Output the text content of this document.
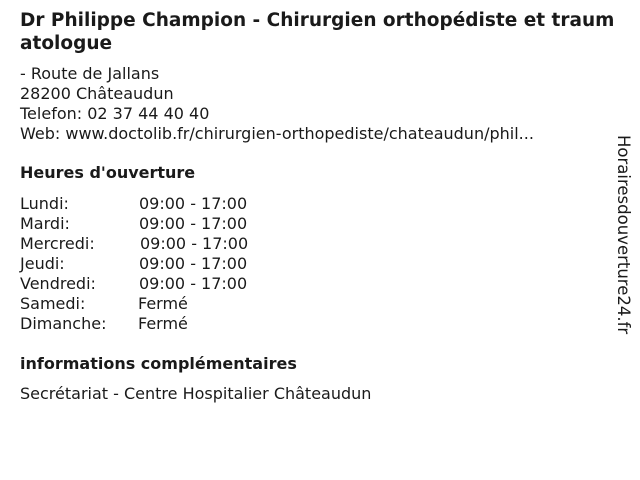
Dr Philippe Champion - Chirurgien orthopédiste et traumatologue
- Route de Jallans
28200 Châteaudun
Telefon: 02 37 44 40 40
Web: www.doctolib.fr/chirurgien-orthopediste/chateaudun/phil...
Heures d'ouverture
Lundi:	09:00 - 17:00
Mardi:	09:00 - 17:00
Mercredi:	09:00 - 17:00
Jeudi:	09:00 - 17:00
Vendredi:	09:00 - 17:00
Samedi:	Fermé
Dimanche: Fermé
informations complémentaires
Secrétariat - Centre Hospitalier Châteaudun
Horairesdouverture24.fr
